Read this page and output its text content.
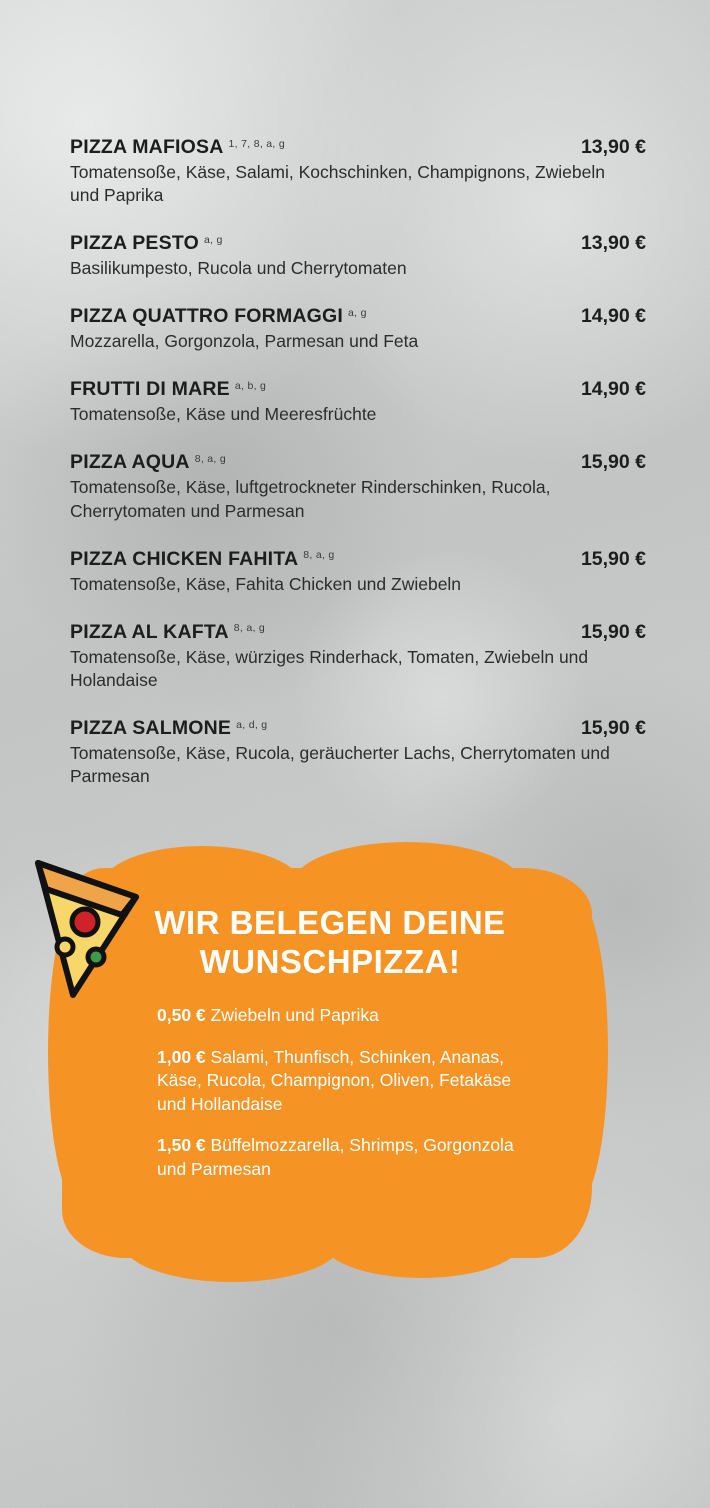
PIZZA MAFIOSA $^{1, 7, 8, a, g}$	13,90 €
Tomatensoße, Käse, Salami, Kochschinken, Champignons, Zwiebeln und Paprika
PIZZA PESTO $^{a, g}$	13,90 €
Basilikumpesto, Rucola und Cherrytomaten
PIZZA QUATTRO FORMAGGI $^{a, g}$	14,90 €
Mozzarella, Gorgonzola, Parmesan und Feta
FRUTTI DI MARE $^{a, b, g}$	14,90 €
Tomatensoße, Käse und Meeresfrüchte
PIZZA AQUA $^{8, a, g}$	15,90 €
Tomatensoße, Käse, luftgetrockneter Rinderschinken, Rucola, Cherrytomaten und Parmesan
PIZZA CHICKEN FAHITA $^{8, a, g}$	15,90 €
Tomatensoße, Käse, Fahita Chicken und Zwiebeln
PIZZA AL KAFTA $^{8, a, g}$	15,90 €
Tomatensoße, Käse, würziges Rinderhack, Tomaten, Zwiebeln und Holandaise
PIZZA SALMONE $^{a, d, g}$	15,90 €
Tomatensoße, Käse, Rucola, geräucherter Lachs, Cherrytomaten und Parmesan
WIR BELEGEN DEINE
WUNSCHPIZZA!
0,50 € Zwiebeln und Paprika
1,00 € Salami, Thunfisch, Schinken, Ananas, Käse, Rucola, Champignon, Oliven, Fetakäse und Hollandaise
1,50 € Büffelmozzarella, Shrimps, Gorgonzola und Parmesan
